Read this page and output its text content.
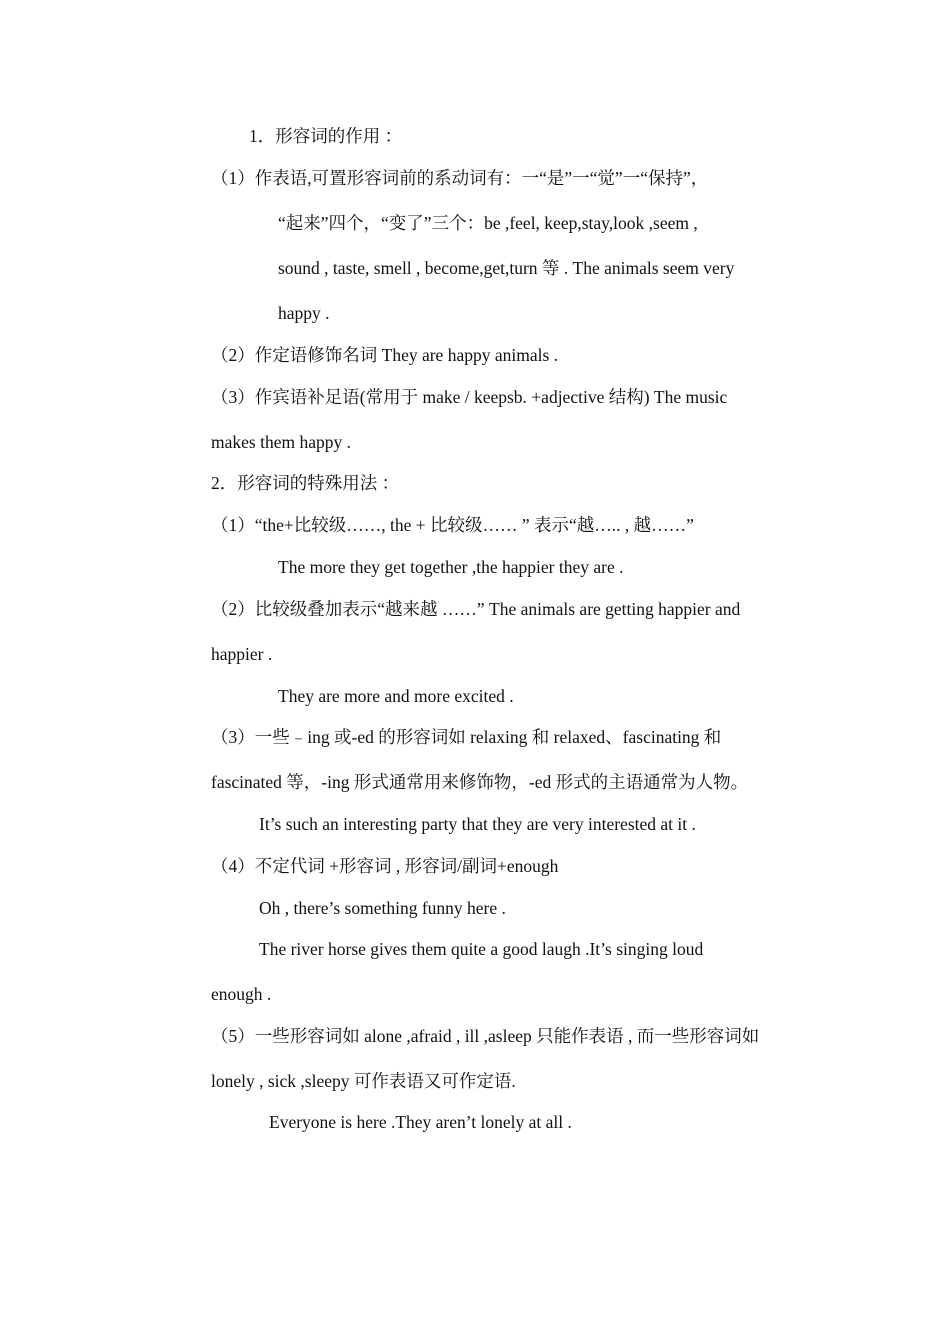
1．形容词的作用 ：
（1）作表语,可置形容词前的系动词有：一“是”一“觉”一“保持”，
“起来”四个，“变了”三个：be ,feel, keep,stay,look ,seem ,
sound , taste, smell , become,get,turn 等 . The animals seem very
happy .
（2）作定语修饰名词 They are happy animals .
（3）作宾语补足语(常用于 make / keepsb. +adjective 结构) The music
makes them happy .
2．形容词的特殊用法 ：
（1）“the+比较级……, the + 比较级…… ” 表示“越….. , 越……”
The more they get together ,the happier they are .
（2）比较级叠加表示“越来越 ……” The animals are getting happier and
happier .
They are more and more excited .
（3）一些﹣ing 或-ed 的形容词如 relaxing 和 relaxed、fascinating 和
fascinated 等，-ing 形式通常用来修饰物，-ed 形式的主语通常为人物。
It’s such an interesting party that they are very interested at it .
（4）不定代词 +形容词 , 形容词/副词+enough
Oh , there’s something funny here .
The river horse gives them quite a good laugh .It’s singing loud
enough .
（5）一些形容词如 alone ,afraid , ill ,asleep 只能作表语 , 而一些形容词如
lonely , sick ,sleepy 可作表语又可作定语.
Everyone is here .They aren’t lonely at all .
